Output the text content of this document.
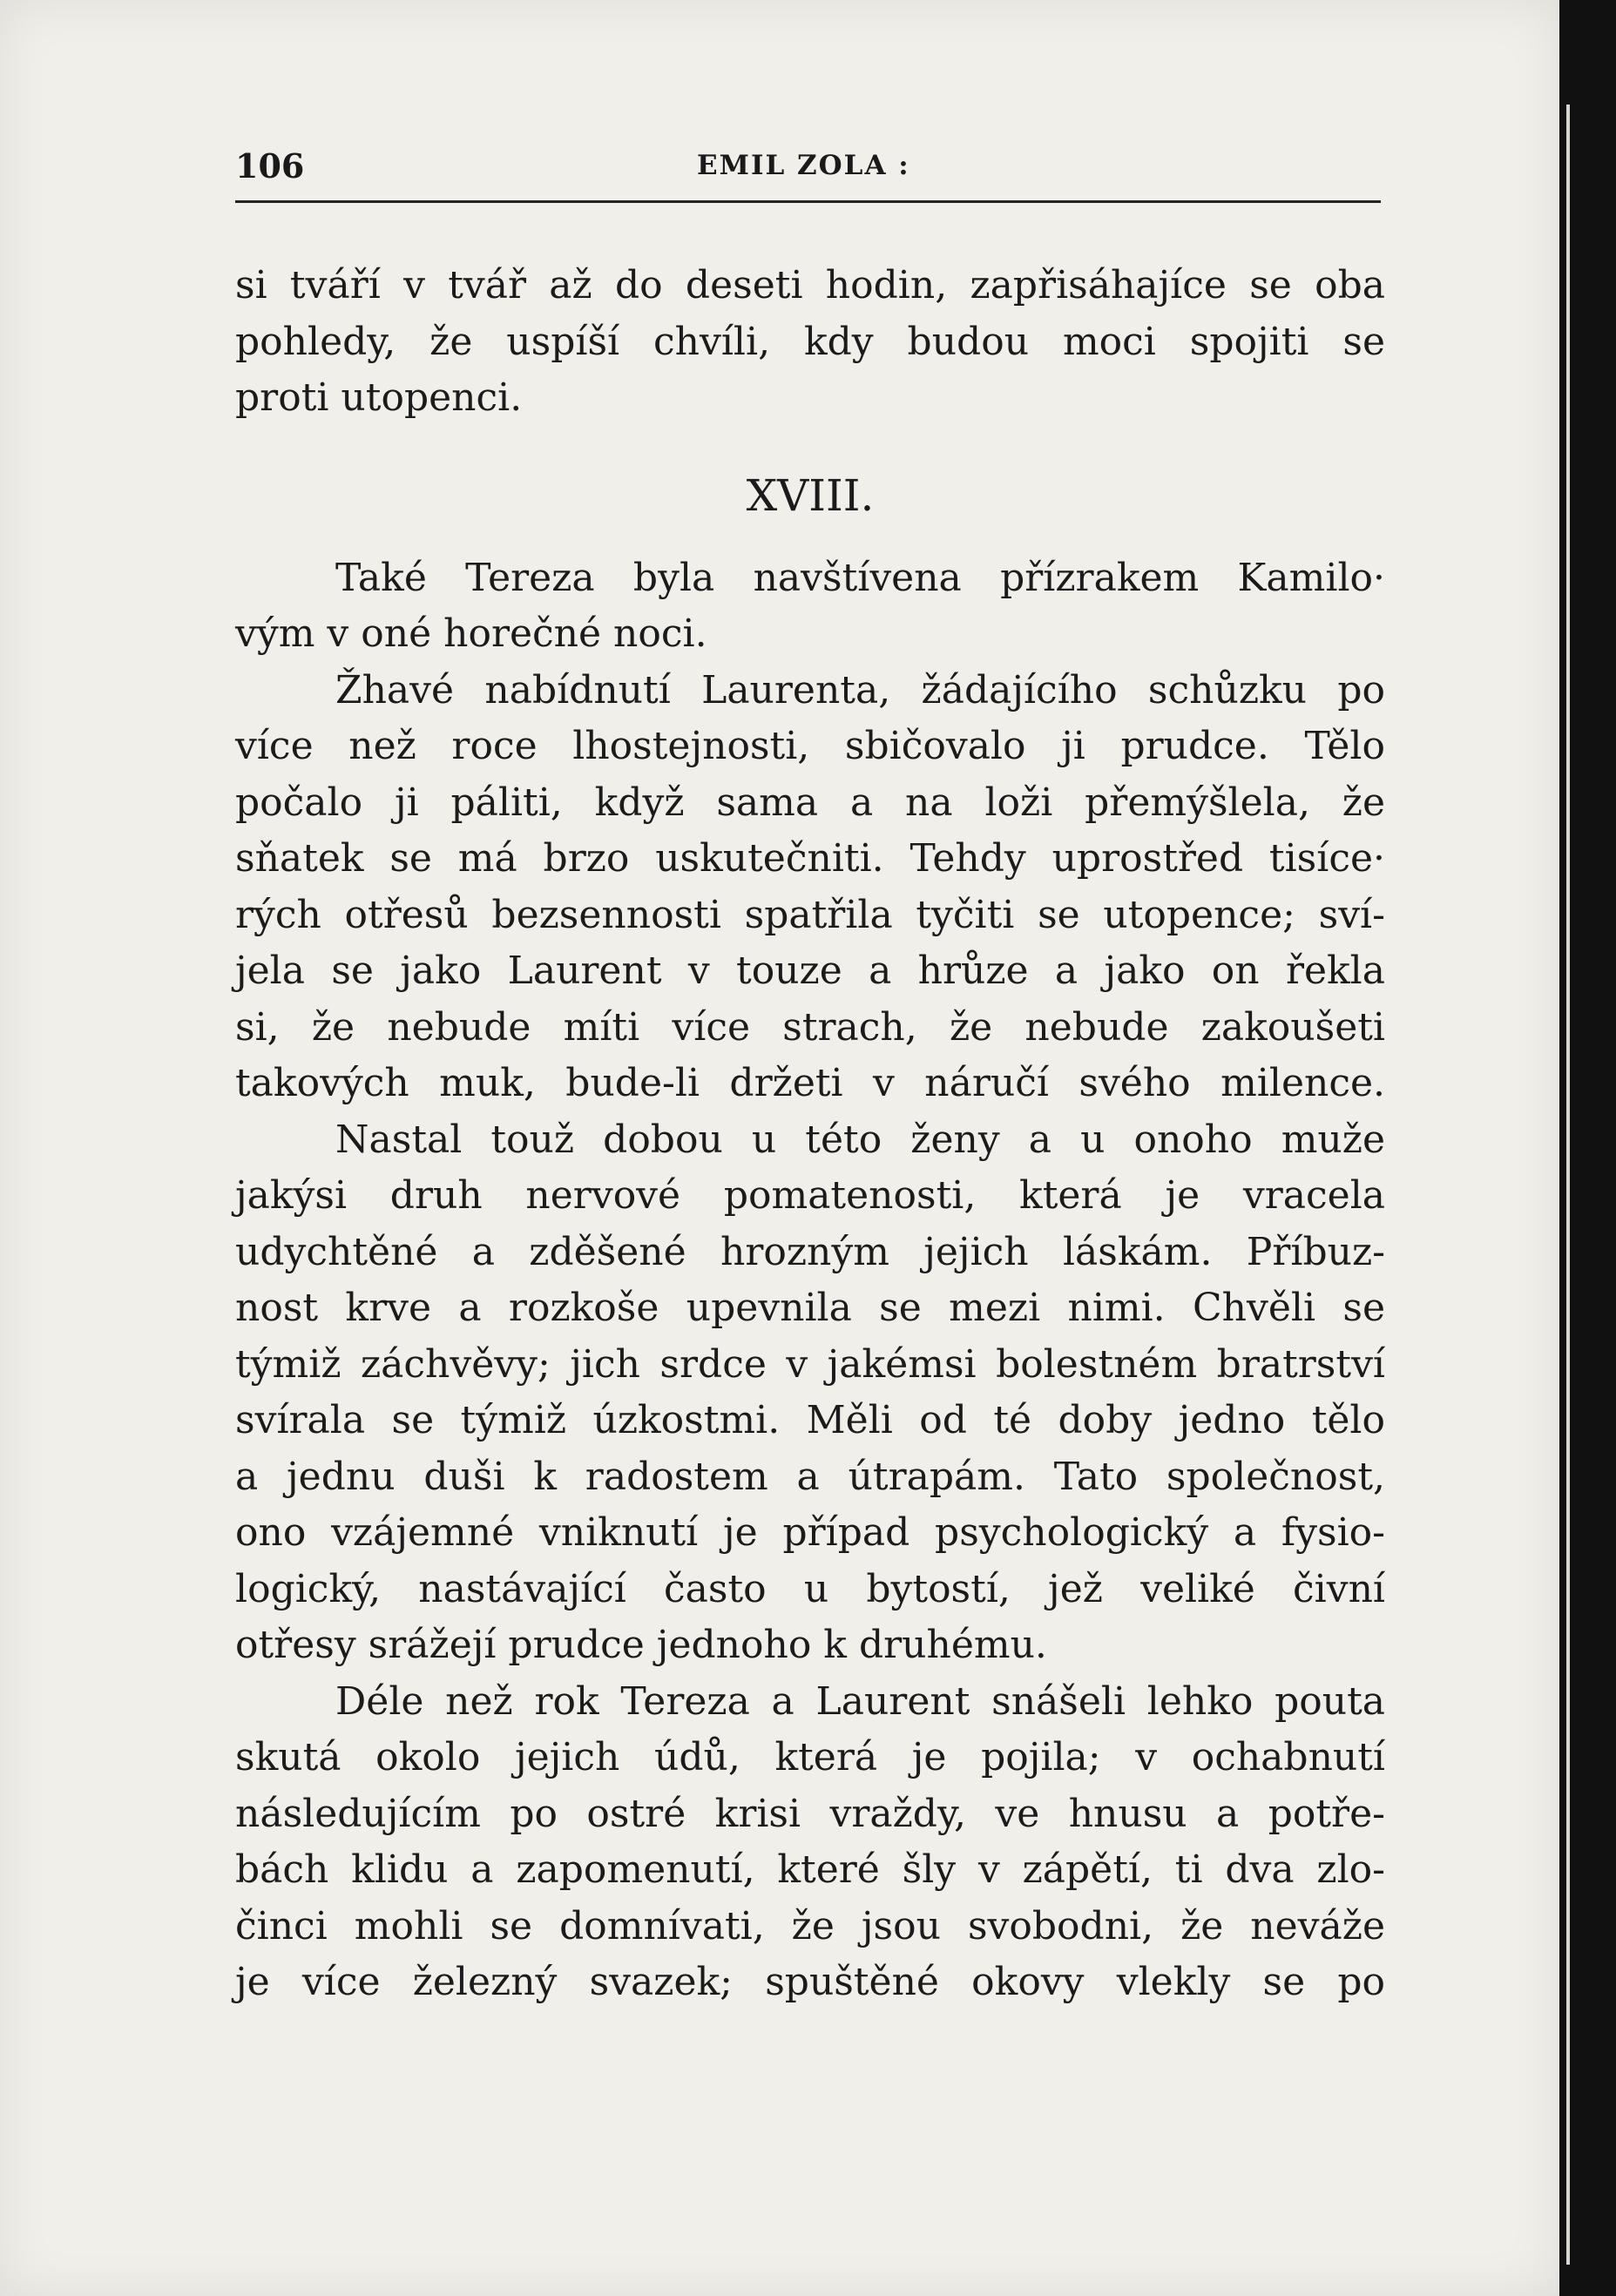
106	EMIL ZOLA :
si tváří v tvář až do deseti hodin, zapřisáhajíce se oba
pohledy, že uspíší chvíli, kdy budou moci spojiti se
proti utopenci.
XVIII.
Také Tereza byla navštívena přízrakem Kamilo·
vým v oné horečné noci.
Žhavé nabídnutí Laurenta, žádajícího schůzku po
více než roce lhostejnosti, sbičovalo ji prudce. Tělo
počalo ji páliti, když sama a na loži přemýšlela, že
sňatek se má brzo uskutečniti. Tehdy uprostřed tisíce·
rých otřesů bezsennosti spatřila tyčiti se utopence; sví-
jela se jako Laurent v touze a hrůze a jako on řekla
si, že nebude míti více strach, že nebude zakoušeti
takových muk, bude-li držeti v náručí svého milence.
Nastal touž dobou u této ženy a u onoho muže
jakýsi druh nervové pomatenosti, která je vracela
udychtěné a zděšené hrozným jejich láskám. Příbuz-
nost krve a rozkoše upevnila se mezi nimi. Chvěli se
týmiž záchvěvy; jich srdce v jakémsi bolestném bratrství
svírala se týmiž úzkostmi. Měli od té doby jedno tělo
a jednu duši k radostem a útrapám. Tato společnost,
ono vzájemné vniknutí je případ psychologický a fysio-
logický, nastávající často u bytostí, jež veliké čivní
otřesy srážejí prudce jednoho k druhému.
Déle než rok Tereza a Laurent snášeli lehko pouta
skutá okolo jejich údů, která je pojila; v ochabnutí
následujícím po ostré krisi vraždy, ve hnusu a potře-
bách klidu a zapomenutí, které šly v zápětí, ti dva zlo-
činci mohli se domnívati, že jsou svobodni, že neváže
je více železný svazek; spuštěné okovy vlekly se po
